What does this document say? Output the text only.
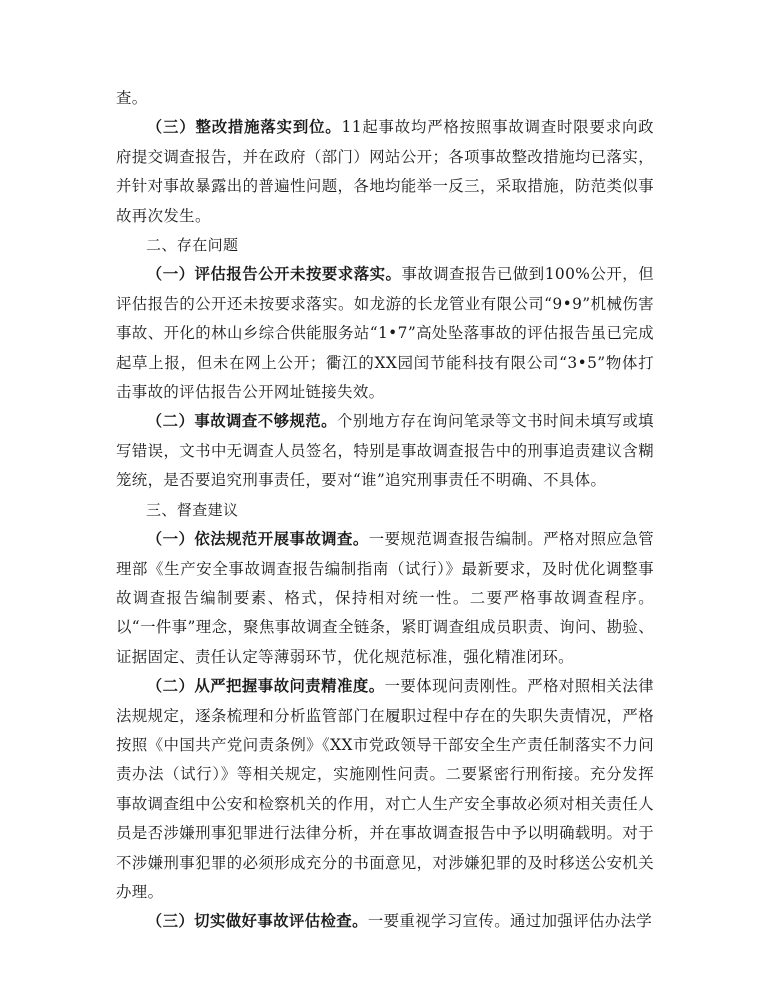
查。

（三）整改措施落实到位。11起事故均严格按照事故调查时限要求向政府提交调查报告，并在政府（部门）网站公开；各项事故整改措施均已落实，并针对事故暴露出的普遍性问题，各地均能举一反三，采取措施，防范类似事故再次发生。

二、存在问题

（一）评估报告公开未按要求落实。事故调查报告已做到100%公开，但评估报告的公开还未按要求落实。如龙游的长龙管业有限公司“9•9”机械伤害事故、开化的林山乡综合供能服务站“1•7”高处坠落事故的评估报告虽已完成起草上报，但未在网上公开；衢江的XX园闰节能科技有限公司“3•5”物体打击事故的评估报告公开网址链接失效。

（二）事故调查不够规范。个别地方存在询问笔录等文书时间未填写或填写错误，文书中无调查人员签名，特别是事故调查报告中的刑事追责建议含糊笼统，是否要追究刑事责任，要对“谁”追究刑事责任不明确、不具体。

三、督查建议

（一）依法规范开展事故调查。一要规范调查报告编制。严格对照应急管理部《生产安全事故调查报告编制指南（试行）》最新要求，及时优化调整事故调查报告编制要素、格式，保持相对统一性。二要严格事故调查程序。以“一件事”理念，聚焦事故调查全链条，紧盯调查组成员职责、询问、勘验、证据固定、责任认定等薄弱环节，优化规范标准，强化精准闭环。

（二）从严把握事故问责精准度。一要体现问责刚性。严格对照相关法律法规规定，逐条梳理和分析监管部门在履职过程中存在的失职失责情况，严格按照《中国共产党问责条例》《XX市党政领导干部安全生产责任制落实不力问责办法（试行）》等相关规定，实施刚性问责。二要紧密行刑衔接。充分发挥事故调查组中公安和检察机关的作用，对亡人生产安全事故必须对相关责任人员是否涉嫌刑事犯罪进行法律分析，并在事故调查报告中予以明确载明。对于不涉嫌刑事犯罪的必须形成充分的书面意见，对涉嫌犯罪的及时移送公安机关办理。

（三）切实做好事故评估检查。一要重视学习宣传。通过加强评估办法学
